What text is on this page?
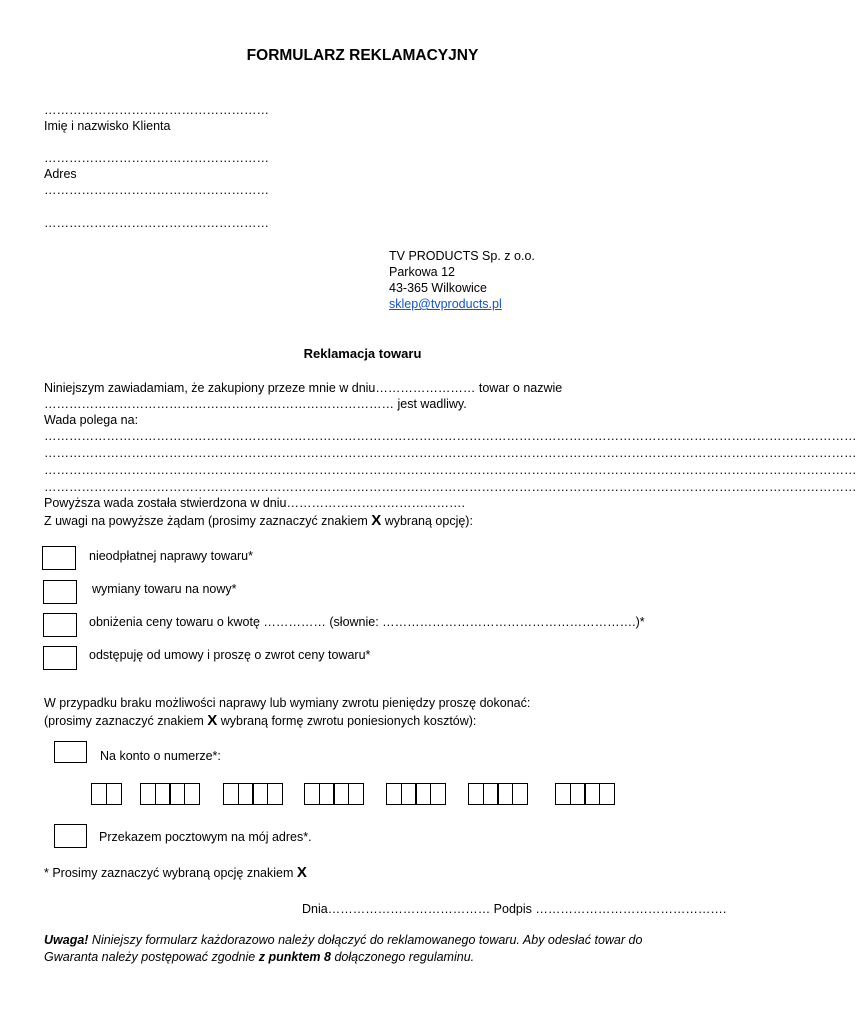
FORMULARZ REKLAMACYJNY
………………………………………………
Imię i nazwisko Klienta
………………………………………………
Adres
………………………………………………
………………………………………………
TV PRODUCTS Sp. z o.o.
Parkowa 12
43-365 Wilkowice
sklep@tvproducts.pl
Reklamacja towaru
Niniejszym zawiadamiam, że zakupiony przeze mnie w dniu…………………… towar o nazwie
………………………………………………………………………… jest wadliwy.
Wada polega na:
……………………………………………………………………………………………………………………………………………………………………………
……………………………………………………………………………………………………………………………………………………………………………
……………………………………………………………………………………………………………………………………………………………………………
……………………………………………………………………………………………………………………………………………………………………………
Powyższa wada została stwierdzona w dniu…………………………………….
Z uwagi na powyższe żądam (prosimy zaznaczyć znakiem X wybraną opcję):
nieodpłatnej naprawy towaru*
wymiany towaru na nowy*
obniżenia ceny towaru o kwotę …………… (słownie: …………………………………………………….)*
odstępuję od umowy i proszę o zwrot ceny towaru*
W przypadku braku możliwości naprawy lub wymiany zwrotu pieniędzy proszę dokonać:
(prosimy zaznaczyć znakiem X wybraną formę zwrotu poniesionych kosztów):
Na konto o numerze*:
Przekazem pocztowym na mój adres*.
* Prosimy zaznaczyć wybraną opcję znakiem X
Dnia………………………………… Podpis ……………………………………….
Uwaga! Niniejszy formularz każdorazowo należy dołączyć do reklamowanego towaru. Aby odesłać towar do Gwaranta należy postępować zgodnie z punktem 8 dołączonego regulaminu.
